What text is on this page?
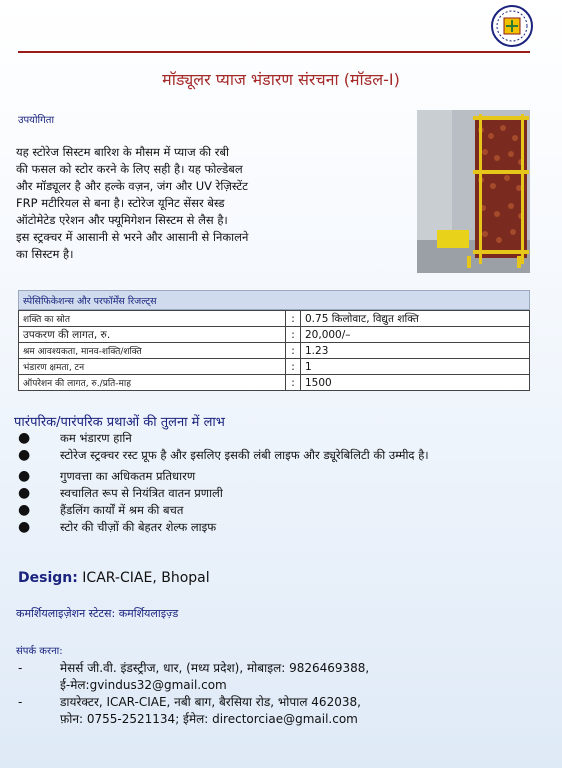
मॉड्यूलर प्याज भंडारण संरचना (मॉडल-I)
उपयोगिता
यह स्टोरेज सिस्टम बारिश के मौसम में प्याज की रबी
की फसल को स्टोर करने के लिए सही है। यह फोल्डेबल
और मॉड्यूलर है और हल्के वज़न, जंग और UV रेज़िस्टेंट
FRP मटीरियल से बना है। स्टोरेज यूनिट सेंसर बेस्ड
ऑटोमेटेड एरेशन और फ्यूमिगेशन सिस्टम से लैस है।
इस स्ट्रक्चर में आसानी से भरने और आसानी से निकालने
का सिस्टम है।
स्पेसिफिकेशन्स और परफॉर्मेंस रिजल्ट्स
शक्ति का स्रोत	:	0.75 किलोवाट, विद्युत शक्ति
उपकरण की लागत, रु.	:	20,000/–
श्रम आवश्यकता, मानव-शक्ति/शक्ति	:	1.23
भंडारण क्षमता, टन	:	1
ऑपरेशन की लागत, रु./प्रति-माह	:	1500
पारंपरिक/पारंपरिक प्रथाओं की तुलना में लाभ
●	कम भंडारण हानि
●	स्टोरेज स्ट्रक्चर रस्ट प्रूफ है और इसलिए इसकी लंबी लाइफ और ड्यूरेबिलिटी की उम्मीद है।
●	गुणवत्ता का अधिकतम प्रतिधारण
●	स्वचालित रूप से नियंत्रित वातन प्रणाली
●	हैंडलिंग कार्यों में श्रम की बचत
●	स्टोर की चीज़ों की बेहतर शेल्फ लाइफ
Design: ICAR-CIAE, Bhopal
कमर्शियलाइज़ेशन स्टेटस: कमर्शियलाइज़्ड
संपर्क करना:
-	मेसर्स जी.वी. इंडस्ट्रीज, धार, (मध्य प्रदेश), मोबाइल: 9826469388,
ई-मेल:gvindus32@gmail.com
-	डायरेक्टर, ICAR-CIAE, नबी बाग, बैरसिया रोड, भोपाल 462038,
फ़ोन: 0755-2521134; ईमेल: directorciae@gmail.com
